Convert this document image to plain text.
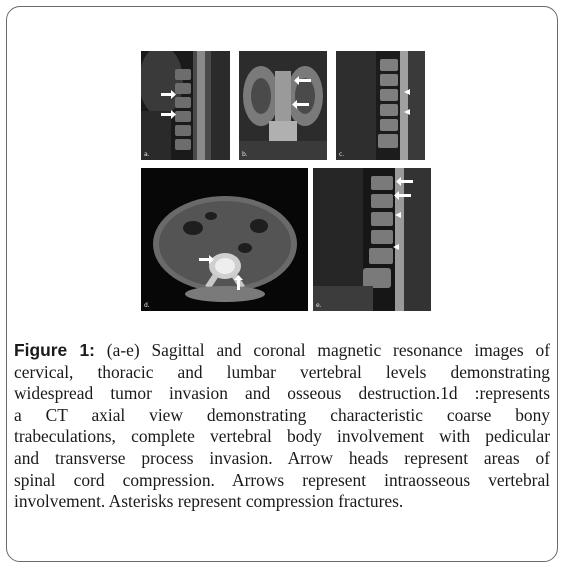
a.	b.	c.
d.	e.

Figure 1: (a-e) Sagittal and coronal magnetic resonance images of
cervical, thoracic and lumbar vertebral levels demonstrating
widespread tumor invasion and osseous destruction.1d :represents
a CT axial view demonstrating characteristic coarse bony
trabeculations, complete vertebral body involvement with pedicular
and transverse process invasion. Arrow heads represent areas of
spinal cord compression. Arrows represent intraosseous vertebral
involvement. Asterisks represent compression fractures.
